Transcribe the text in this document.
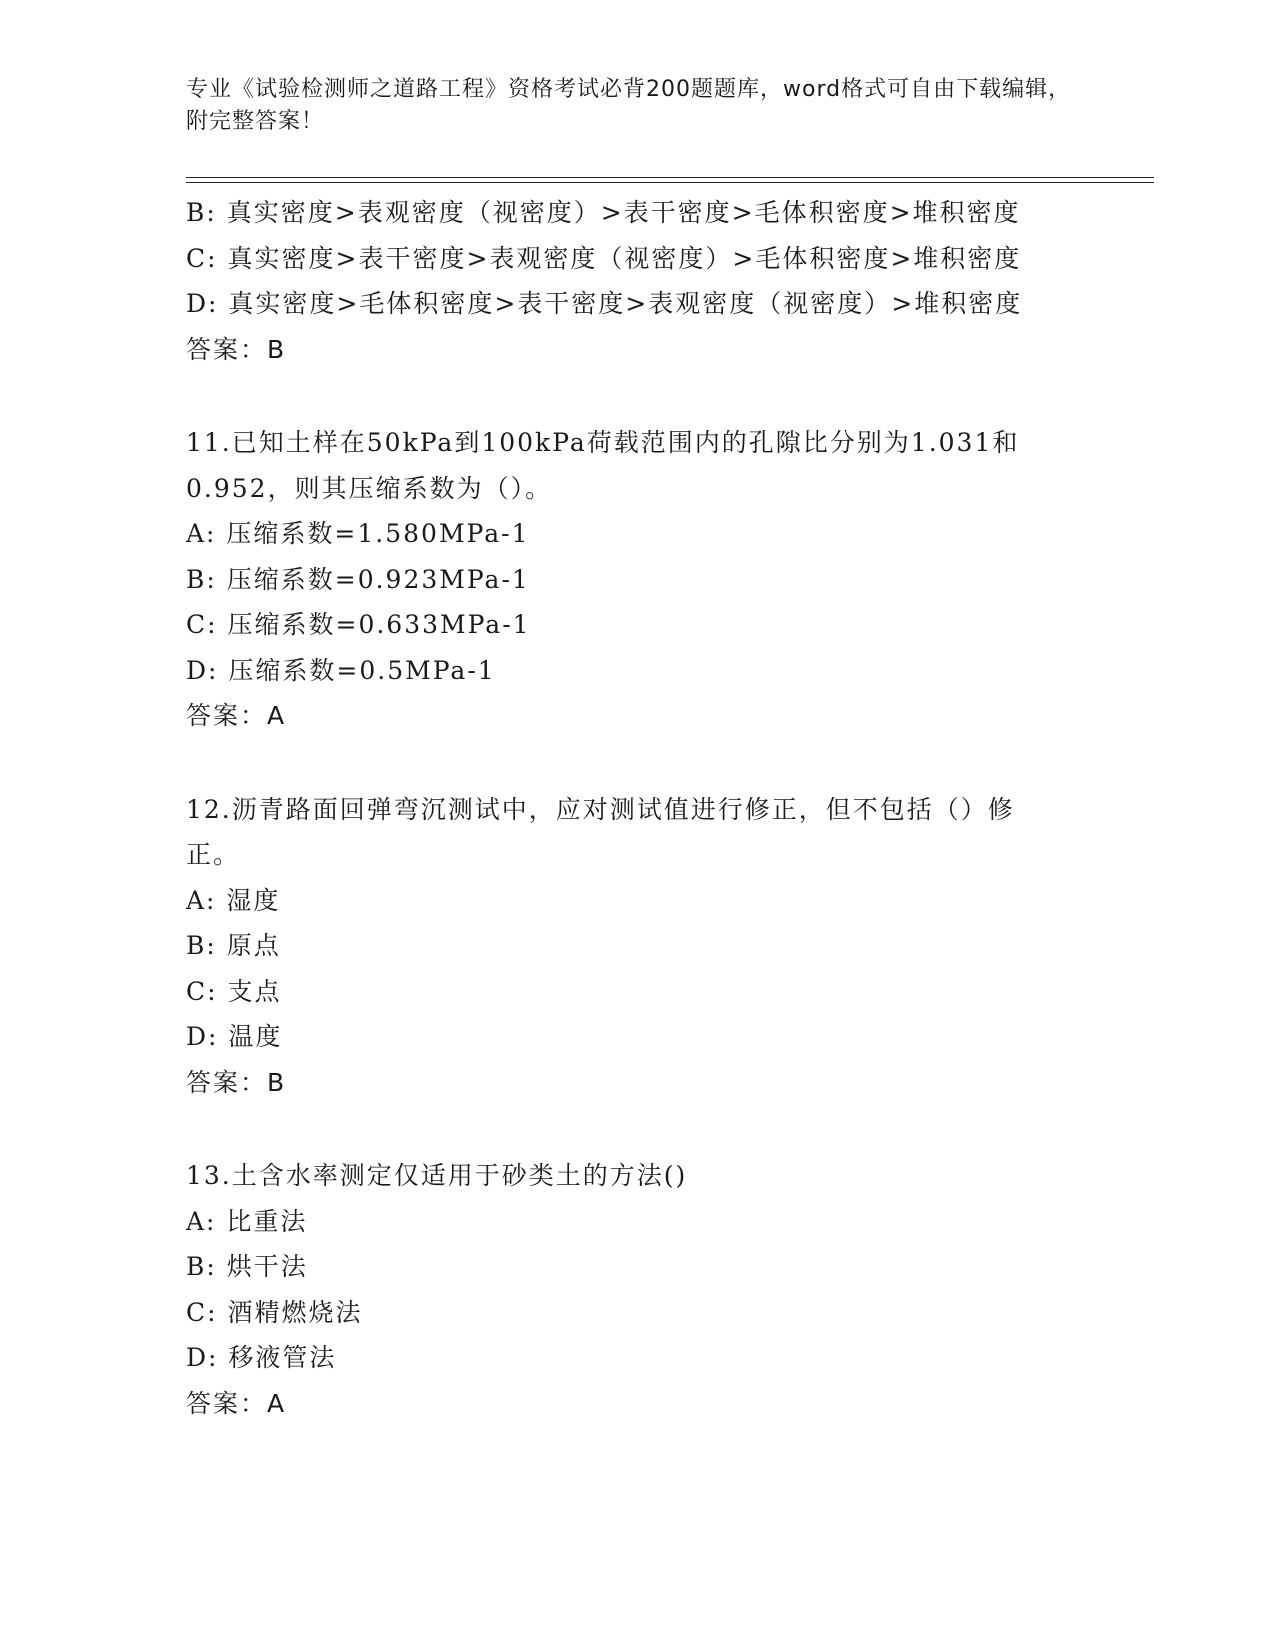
专业《试验检测师之道路工程》资格考试必背200题题库，word格式可自由下载编辑，附完整答案！
B: 真实密度>表观密度（视密度）>表干密度>毛体积密度>堆积密度
C: 真实密度>表干密度>表观密度（视密度）>毛体积密度>堆积密度
D: 真实密度>毛体积密度>表干密度>表观密度（视密度）>堆积密度
答案：B
11.已知土样在50kPa到100kPa荷载范围内的孔隙比分别为1.031和0.952，则其压缩系数为（）。
A: 压缩系数=1.580MPa-1
B: 压缩系数=0.923MPa-1
C: 压缩系数=0.633MPa-1
D: 压缩系数=0.5MPa-1
答案：A
12.沥青路面回弹弯沉测试中，应对测试值进行修正，但不包括（）修正。
A: 湿度
B: 原点
C: 支点
D: 温度
答案：B
13.土含水率测定仅适用于砂类土的方法()
A: 比重法
B: 烘干法
C: 酒精燃烧法
D: 移液管法
答案：A
